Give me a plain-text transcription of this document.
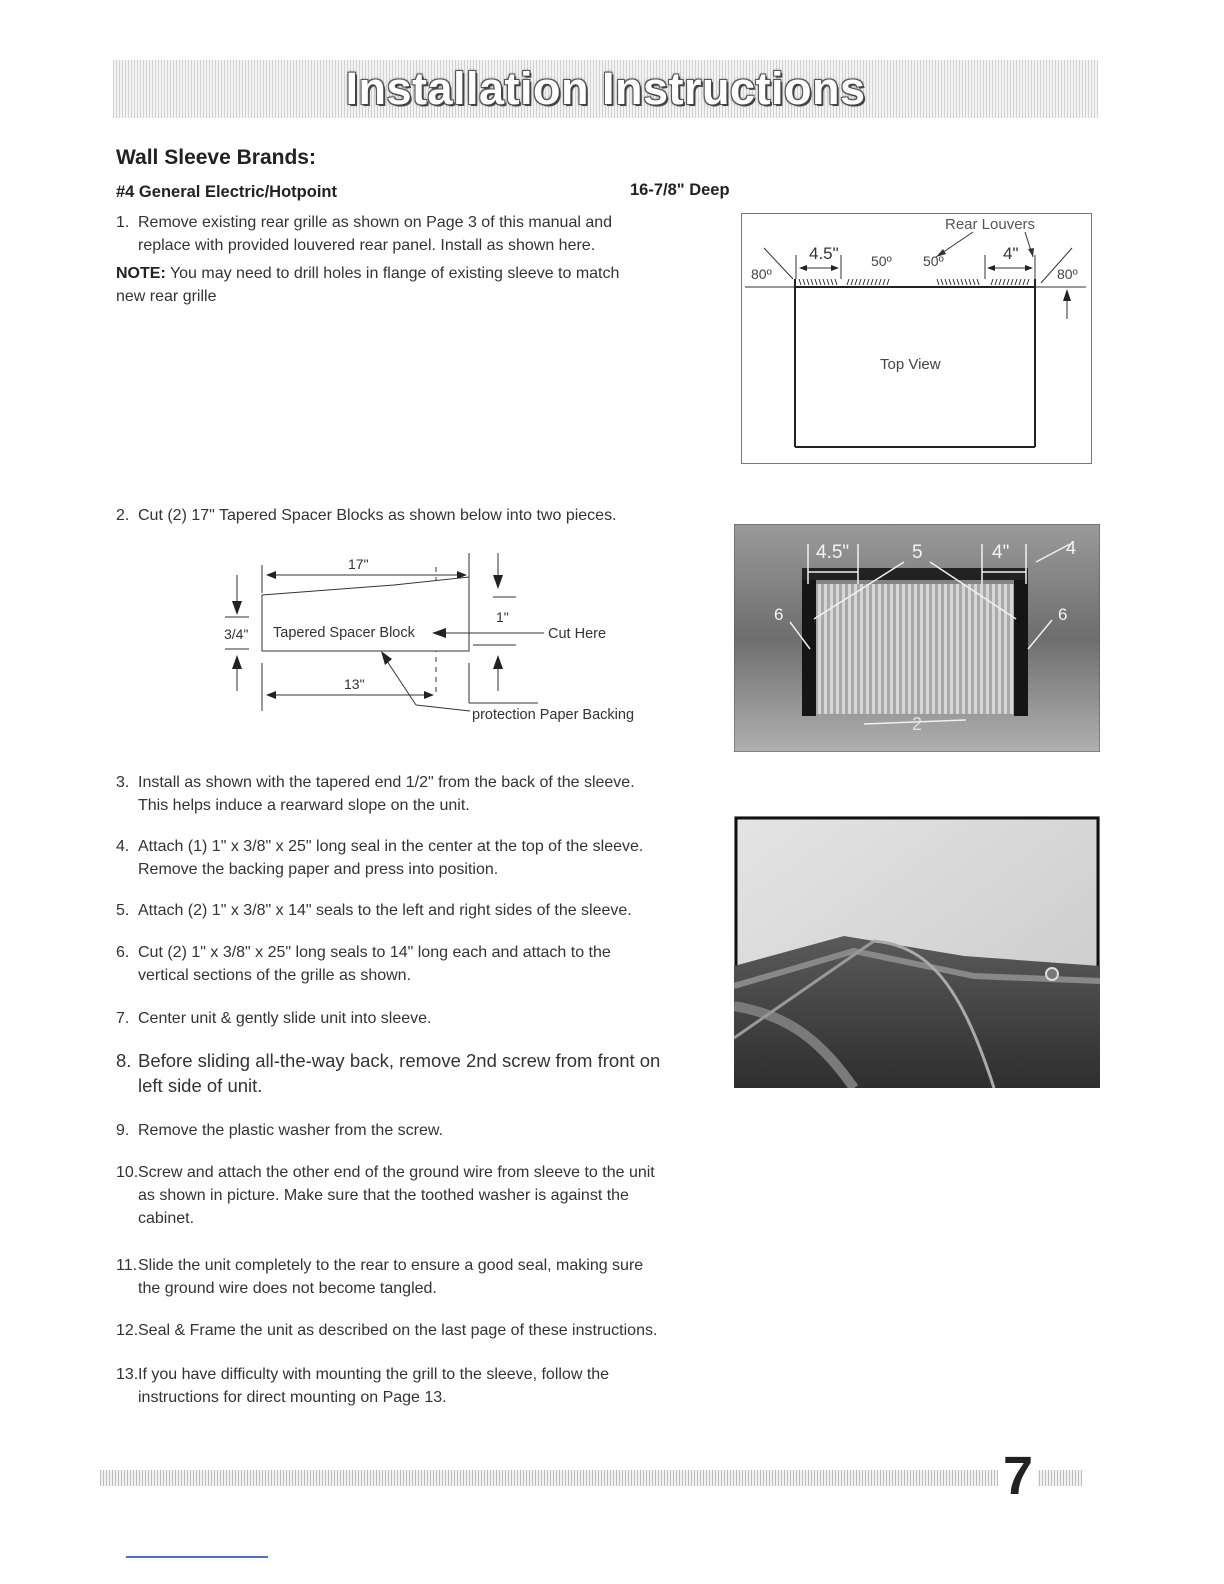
Installation Instructions
Wall Sleeve Brands:
#4 General Electric/Hotpoint	16-7/8" Deep
1. Remove existing rear grille as shown on Page 3 of this manual and
replace with provided louvered rear panel. Install as shown here.
NOTE: You may need to drill holes in flange of existing sleeve to match
new rear grille
Rear Louvers
4.5"	4"
50º 50º
80º	80º
Top View
2. Cut (2) 17" Tapered Spacer Blocks as shown below into two pieces.
17"
1"
Tapered Spacer Block	Cut Here
3/4"
13"
protection Paper Backing
4.5"	5	4"	4
6	6
2
3. Install as shown with the tapered end 1/2" from the back of the sleeve.
This helps induce a rearward slope on the unit.
4. Attach (1) 1" x 3/8" x 25" long seal in the center at the top of the sleeve.
Remove the backing paper and press into position.
5. Attach (2) 1" x 3/8" x 14" seals to the left and right sides of the sleeve.
6. Cut (2) 1" x 3/8" x 25" long seals to 14" long each and attach to the
vertical sections of the grille as shown.
7. Center unit & gently slide unit into sleeve.
8. Before sliding all-the-way back, remove 2nd screw from front on
left side of unit.
9. Remove the plastic washer from the screw.
10.Screw and attach the other end of the ground wire from sleeve to the unit
as shown in picture. Make sure that the toothed washer is against the
cabinet.
11.Slide the unit completely to the rear to ensure a good seal, making sure
the ground wire does not become tangled.
12.Seal & Frame the unit as described on the last page of these instructions.
13.If you have difficulty with mounting the grill to the sleeve, follow the
instructions for direct mounting on Page 13.
7
